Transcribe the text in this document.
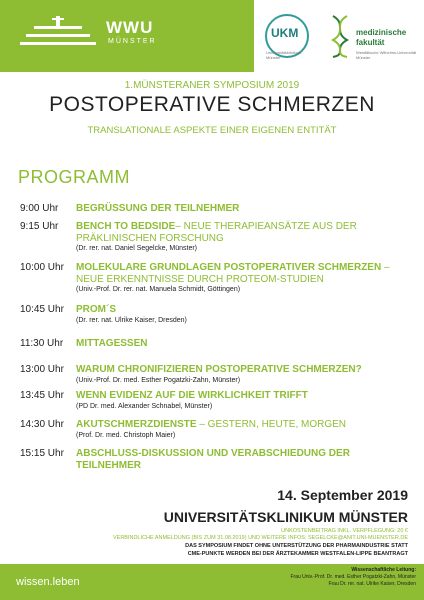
WWU
MÜNSTER
UKM
Universitätsklinikum Münster
medizinische
fakultät
Westfälische Wilhelms-Universität Münster
1.MÜNSTERANER SYMPOSIUM 2019
POSTOPERATIVE SCHMERZEN
TRANSLATIONALE ASPEKTE EINER EIGENEN ENTITÄT
PROGRAMM
9:00 Uhr BEGRÜSSUNG DER TEILNEHMER
9:15 Uhr BENCH TO BEDSIDE– NEUE THERAPIEANSÄTZE AUS DER PRÄKLINISCHEN FORSCHUNG
(Dr. rer. nat. Daniel Segelcke, Münster)
10:00 Uhr MOLEKULARE GRUNDLAGEN POSTOPERATIVER SCHMERZEN – NEUE ERKENNTNISSE DURCH PROTEOM-STUDIEN
(Univ.-Prof. Dr. rer. nat. Manuela Schmidt, Göttingen)
10:45 Uhr PROM´S
(Dr. rer. nat. Ulrike Kaiser, Dresden)
11:30 Uhr MITTAGESSEN
13:00 Uhr WARUM CHRONIFIZIEREN POSTOPERATIVE SCHMERZEN?
(Univ.-Prof. Dr. med. Esther Pogatzki-Zahn, Münster)
13:45 Uhr WENN EVIDENZ AUF DIE WIRKLICHKEIT TRIFFT
(PD Dr. med. Alexander Schnabel, Münster)
14:30 Uhr AKUTSCHMERZDIENSTE – GESTERN, HEUTE, MORGEN
(Prof. Dr. med. Christoph Maier)
15:15 Uhr ABSCHLUSS-DISKUSSION UND VERABSCHIEDUNG DER TEILNEHMER
14. September 2019
UNIVERSITÄTSKLINIKUM MÜNSTER
UNKOSTENBEITRAG INKL. VERPFLEGUNG: 20 €
VERBINDLICHE ANMELDUNG (BIS ZUM 31.08.2019) UND WEITERE INFOS: SEGELCKE@ANIT.UNI-MUENSTER.DE
DAS SYMPOSIUM FINDET OHNE UNTERSTÜTZUNG DER PHARMAINDUSTRIE STATT
CME-PUNKTE WERDEN BEI DER ÄRZTEKAMMER WESTFALEN-LIPPE BEANTRAGT
wissen.leben
Wissenschaftliche Leitung:
Frau Univ.-Prof. Dr. med. Esther Pogatzki-Zahn, Münster
Frau Dr. rer. nat. Ulrike Kaiser, Dresden
